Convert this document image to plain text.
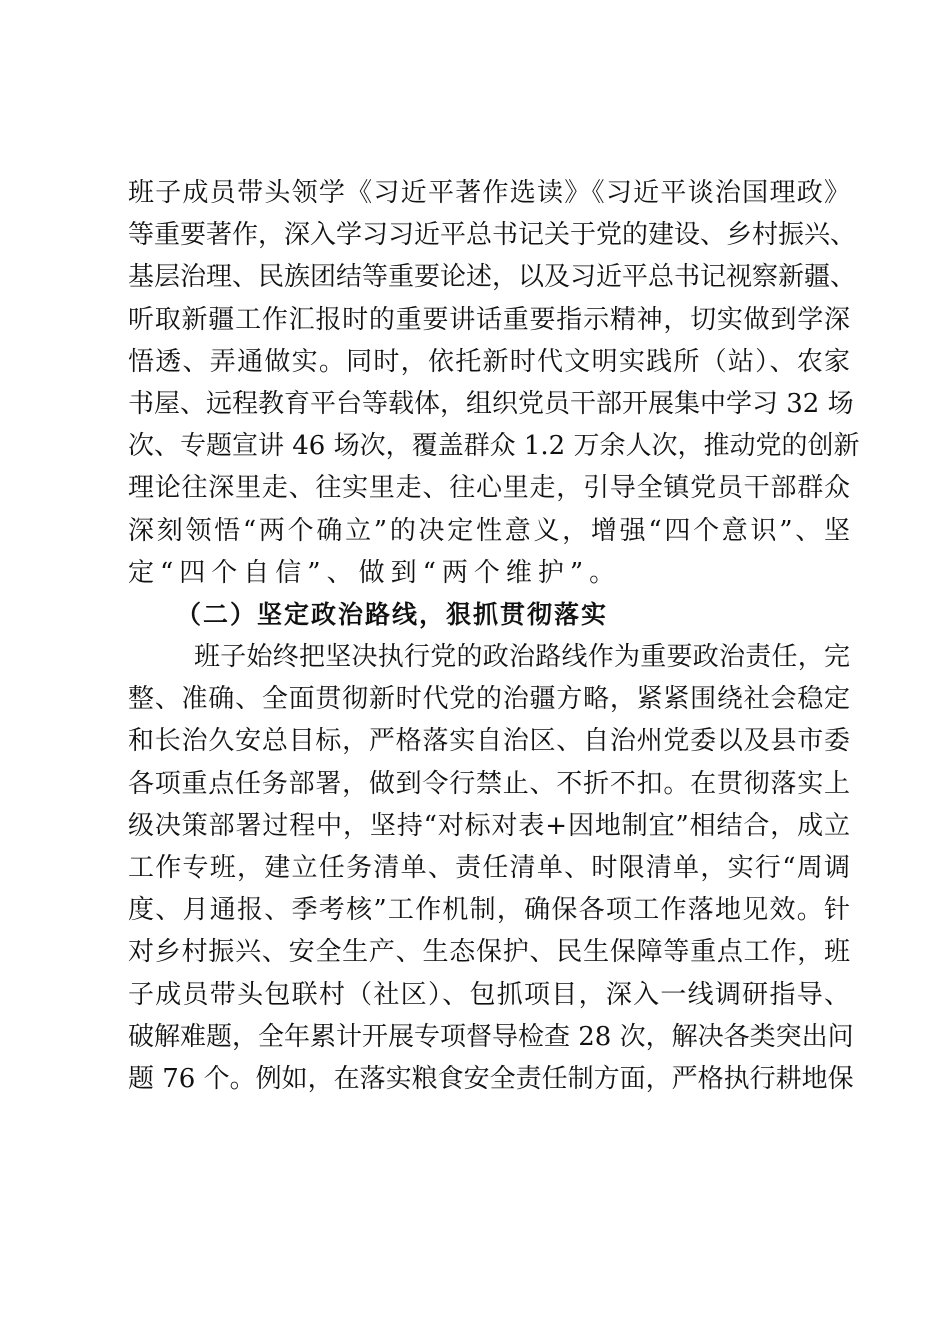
班子成员带头领学《习近平著作选读》《习近平谈治国理政》
等重要著作，深入学习习近平总书记关于党的建设、乡村振兴、
基层治理、民族团结等重要论述，以及习近平总书记视察新疆、
听取新疆工作汇报时的重要讲话重要指示精神，切实做到学深
悟透、弄通做实。同时，依托新时代文明实践所（站）、农家
书屋、远程教育平台等载体，组织党员干部开展集中学习 32 场
次、专题宣讲 46 场次，覆盖群众 1.2 万余人次，推动党的创新
理论往深里走、往实里走、往心里走，引导全镇党员干部群众
深刻领悟“两个确立”的决定性意义，增强“四个意识”、坚
定“四个自信”、做到“两个维护”。
（二）坚定政治路线，狠抓贯彻落实
班子始终把坚决执行党的政治路线作为重要政治责任，完
整、准确、全面贯彻新时代党的治疆方略，紧紧围绕社会稳定
和长治久安总目标，严格落实自治区、自治州党委以及县市委
各项重点任务部署，做到令行禁止、不折不扣。在贯彻落实上
级决策部署过程中，坚持“对标对表+因地制宜”相结合，成立
工作专班，建立任务清单、责任清单、时限清单，实行“周调
度、月通报、季考核”工作机制，确保各项工作落地见效。针
对乡村振兴、安全生产、生态保护、民生保障等重点工作，班
子成员带头包联村（社区）、包抓项目，深入一线调研指导、
破解难题，全年累计开展专项督导检查 28 次，解决各类突出问
题 76 个。例如，在落实粮食安全责任制方面，严格执行耕地保
